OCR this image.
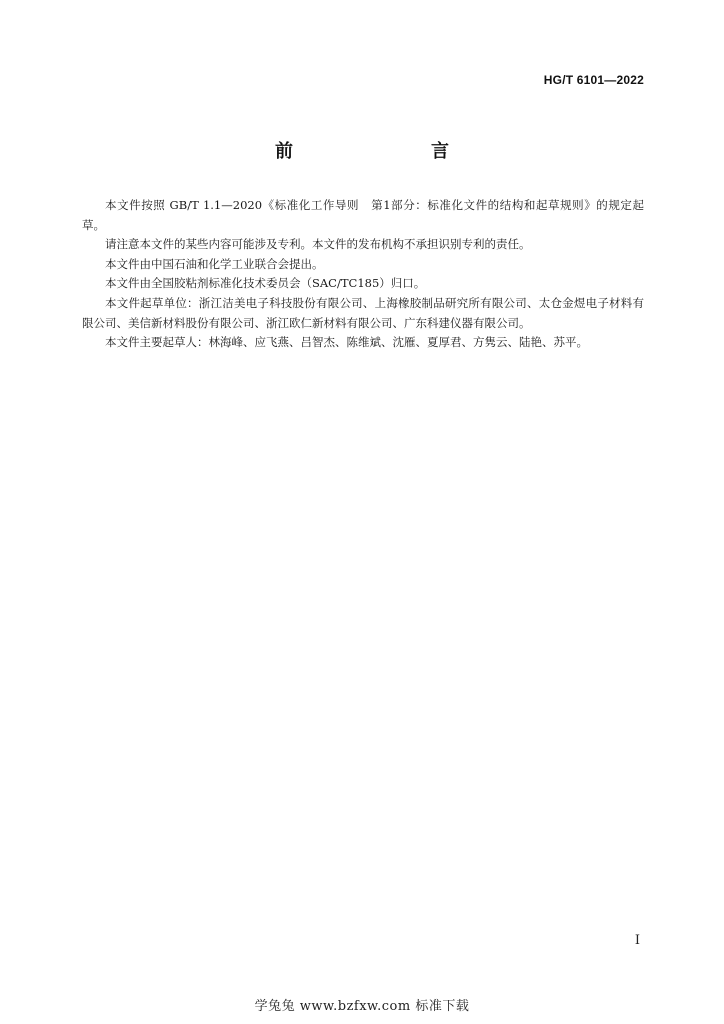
HG/T 6101—2022
前　　言

本文件按照 GB/T 1.1—2020《标准化工作导则　第1部分：标准化文件的结构和起草规则》的规定起草。

请注意本文件的某些内容可能涉及专利。本文件的发布机构不承担识别专利的责任。

本文件由中国石油和化学工业联合会提出。

本文件由全国胶粘剂标准化技术委员会（SAC/TC185）归口。

本文件起草单位：浙江洁美电子科技股份有限公司、上海橡胶制品研究所有限公司、太仓金煜电子材料有限公司、美信新材料股份有限公司、浙江欧仁新材料有限公司、广东科建仪器有限公司。

本文件主要起草人：林海峰、应飞燕、吕智杰、陈维斌、沈雁、夏厚君、方隽云、陆艳、苏平。

I
学兔兔 www.bzfxw.com 标准下载
